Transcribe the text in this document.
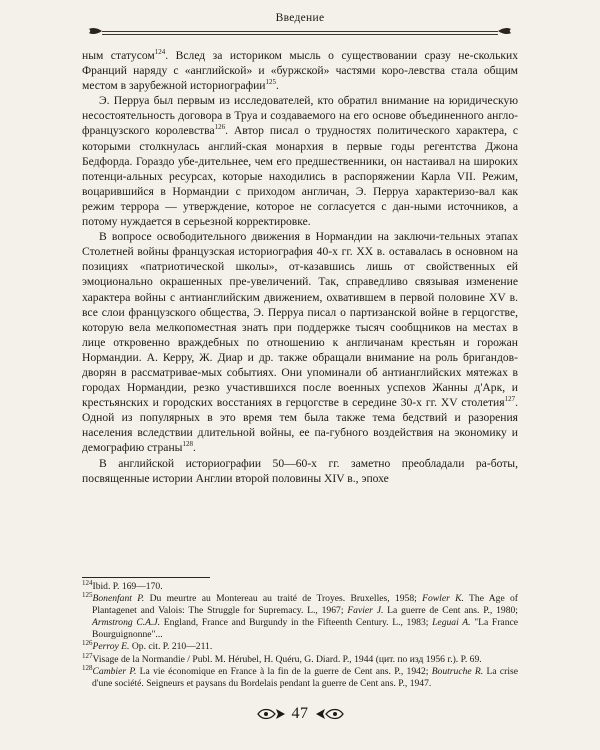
Введение

ным статусом$^{124}$. Вслед за историком мысль о существовании сразу не-скольких Франций наряду с «английской» и «буржской» частями коро-левства стала общим местом в зарубежной историографии$^{125}$.

Э. Перруа был первым из исследователей, кто обратил внимание на юридическую несостоятельность договора в Труа и создаваемого на его основе объединенного англо-французского королевства$^{126}$. Автор писал о трудностях политического характера, с которыми столкнулась англий-ская монархия в первые годы регентства Джона Бедфорда. Гораздо убе-дительнее, чем его предшественники, он настаивал на широких потенци-альных ресурсах, которые находились в распоряжении Карла VII. Режим, воцарившийся в Нормандии с приходом англичан, Э. Перруа характеризо-вал как режим террора — утверждение, которое не согласуется с дан-ными источников, а потому нуждается в серьезной корректировке.

В вопросе освободительного движения в Нормандии на заключи-тельных этапах Столетней войны французская историография 40-х гг. XX в. оставалась в основном на позициях «патриотической школы», от-казавшись лишь от свойственных ей эмоционально окрашенных пре-увеличений. Так, справедливо связывая изменение характера войны с антианглийским движением, охватившем в первой половине XV в. все слои французского общества, Э. Перруа писал о партизанской войне в герцогстве, которую вела мелкопоместная знать при поддержке тысяч сообщников на местах в лице откровенно враждебных по отношению к англичанам крестьян и горожан Нормандии. А. Керру, Ж. Диар и др. также обращали внимание на роль бригандов-дворян в рассматривае-мых событиях. Они упоминали об антианглийских мятежах в городах Нормандии, резко участившихся после военных успехов Жанны д'Арк, и крестьянских и городских восстаниях в герцогстве в середине 30-х гг. XV столетия$^{127}$. Одной из популярных в это время тем была также тема бедствий и разорения населения вследствии длительной войны, ее па-губного воздействия на экономику и демографию страны$^{128}$.

В английской историографии 50—60-х гг. заметно преобладали ра-боты, посвященные истории Англии второй половины XIV в., эпохе

$^{124}$Ibid. P. 169—170.

$^{125}$Bonenfant P. Du meurtre au Montereau au traité de Troyes. Bruxelles, 1958; Fowler K. The Age of Plantagenet and Valois: The Struggle for Supremacy. L., 1967; Favier J. La guerre de Cent ans. P., 1980; Armstrong C.A.J. England, France and Burgundy in the Fifteenth Century. L., 1983; Leguai A. "La France Bourguignonne"...

$^{126}$Perroy E. Op. cit. P. 210—211.

$^{127}$Visage de la Normandie / Publ. M. Hérubel, H. Quéru, G. Diard. P., 1944 (цит. по изд 1956 г.). P. 69.

$^{128}$Cambier P. La vie économique en France à la fin de la guerre de Cent ans. P., 1942; Boutruche R. La crise d'une société. Seigneurs et paysans du Bordelais pendant la guerre de Cent ans. P., 1947.

47
